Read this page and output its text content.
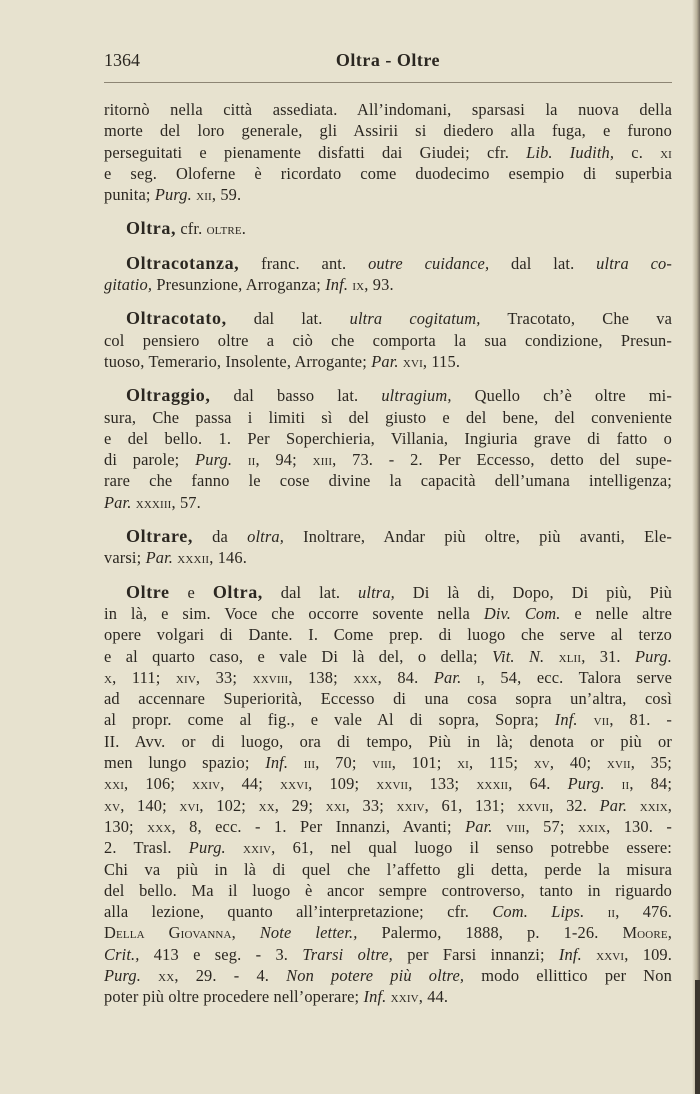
1364	Oltra - Oltre
ritornò nella città assediata. All’indomani, sparsasi la nuova della
morte del loro generale, gli Assirii si diedero alla fuga, e furono
perseguitati e pienamente disfatti dai Giudei; cfr. Lib. Iudith, c. xi
e seg. Oloferne è ricordato come duodecimo esempio di superbia
punita; Purg. xii, 59.
Oltra, cfr. oltre.
Oltracotanza, franc. ant. outre cuidance, dal lat. ultra co-
gitatio, Presunzione, Arroganza; Inf. ix, 93.
Oltracotato, dal lat. ultra cogitatum, Tracotato, Che va
col pensiero oltre a ciò che comporta la sua condizione, Presun-
tuoso, Temerario, Insolente, Arrogante; Par. xvi, 115.
Oltraggio, dal basso lat. ultragium, Quello ch’è oltre mi-
sura, Che passa i limiti sì del giusto e del bene, del conveniente
e del bello. 1. Per Soperchieria, Villania, Ingiuria grave di fatto o
di parole; Purg. ii, 94; xiii, 73. - 2. Per Eccesso, detto del supe-
rare che fanno le cose divine la capacità dell’umana intelligenza;
Par. xxxiii, 57.
Oltrare, da oltra, Inoltrare, Andar più oltre, più avanti, Ele-
varsi; Par. xxxii, 146.
Oltre e Oltra, dal lat. ultra, Di là di, Dopo, Di più, Più
in là, e sim. Voce che occorre sovente nella Div. Com. e nelle altre
opere volgari di Dante. I. Come prep. di luogo che serve al terzo
e al quarto caso, e vale Di là del, o della; Vit. N. xlii, 31. Purg.
x, 111; xiv, 33; xxviii, 138; xxx, 84. Par. i, 54, ecc. Talora serve
ad accennare Superiorità, Eccesso di una cosa sopra un’altra, così
al propr. come al fig., e vale Al di sopra, Sopra; Inf. vii, 81. -
II. Avv. or di luogo, ora di tempo, Più in là; denota or più or
men lungo spazio; Inf. iii, 70; viii, 101; xi, 115; xv, 40; xvii, 35;
xxi, 106; xxiv, 44; xxvi, 109; xxvii, 133; xxxii, 64. Purg. ii, 84;
xv, 140; xvi, 102; xx, 29; xxi, 33; xxiv, 61, 131; xxvii, 32. Par. xxix,
130; xxx, 8, ecc. - 1. Per Innanzi, Avanti; Par. viii, 57; xxix, 130. -
2. Trasl. Purg. xxiv, 61, nel qual luogo il senso potrebbe essere:
Chi va più in là di quel che l’affetto gli detta, perde la misura
del bello. Ma il luogo è ancor sempre controverso, tanto in riguardo
alla lezione, quanto all’interpretazione; cfr. Com. Lips. ii, 476.
Della Giovanna, Note letter., Palermo, 1888, p. 1-26. Moore,
Crit., 413 e seg. - 3. Trarsi oltre, per Farsi innanzi; Inf. xxvi, 109.
Purg. xx, 29. - 4. Non potere più oltre, modo ellittico per Non
poter più oltre procedere nell’operare; Inf. xxiv, 44.
